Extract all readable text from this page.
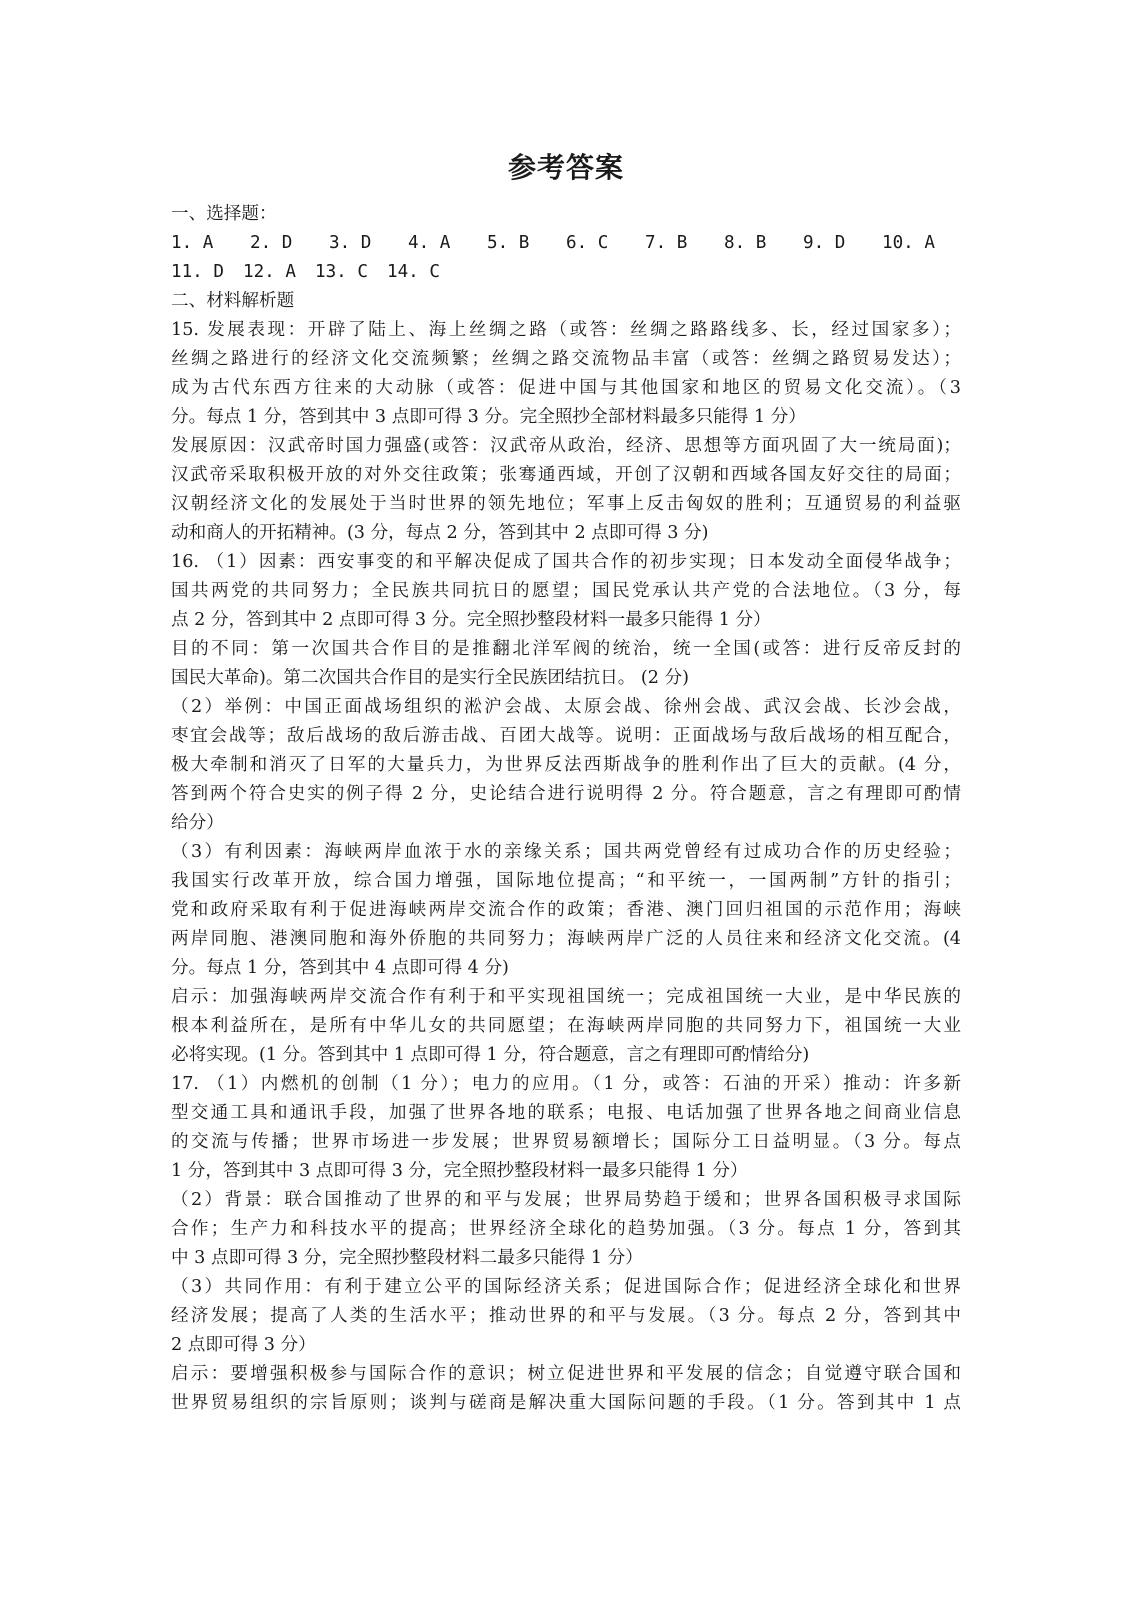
参考答案
一、选择题：
1. A	2. D	3. D	4. A	5. B	6. C	7. B	8. B	9. D	10. A
11. D	12. A	13. C	14. C
二、材料解析题
15. 发展表现：开辟了陆上、海上丝绸之路（或答：丝绸之路路线多、长，经过国家多）；
丝绸之路进行的经济文化交流频繁；丝绸之路交流物品丰富（或答：丝绸之路贸易发达）；
成为古代东西方往来的大动脉（或答：促进中国与其他国家和地区的贸易文化交流）。（3
分。每点 1 分，答到其中 3 点即可得 3 分。完全照抄全部材料最多只能得 1 分）
发展原因：汉武帝时国力强盛(或答：汉武帝从政治，经济、思想等方面巩固了大一统局面)；
汉武帝采取积极开放的对外交往政策；张骞通西域，开创了汉朝和西域各国友好交往的局面；
汉朝经济文化的发展处于当时世界的领先地位；军事上反击匈奴的胜利；互通贸易的利益驱
动和商人的开拓精神。(3 分，每点 2 分，答到其中 2 点即可得 3 分)
16. （1）因素：西安事变的和平解决促成了国共合作的初步实现；日本发动全面侵华战争；
国共两党的共同努力；全民族共同抗日的愿望；国民党承认共产党的合法地位。（3 分，每
点 2 分，答到其中 2 点即可得 3 分。完全照抄整段材料一最多只能得 1 分）
目的不同：第一次国共合作目的是推翻北洋军阀的统治，统一全国(或答：进行反帝反封的
国民大革命)。第二次国共合作目的是实行全民族团结抗日。 (2 分)
（2）举例：中国正面战场组织的淞沪会战、太原会战、徐州会战、武汉会战、长沙会战，
枣宜会战等；敌后战场的敌后游击战、百团大战等。说明：正面战场与敌后战场的相互配合，
极大牵制和消灭了日军的大量兵力，为世界反法西斯战争的胜利作出了巨大的贡献。(4 分，
答到两个符合史实的例子得 2 分，史论结合进行说明得 2 分。符合题意，言之有理即可酌情
给分）
（3）有利因素：海峡两岸血浓于水的亲缘关系；国共两党曾经有过成功合作的历史经验；
我国实行改革开放，综合国力增强，国际地位提高；“和平统一，一国两制”方针的指引；
党和政府采取有利于促进海峡两岸交流合作的政策；香港、澳门回归祖国的示范作用；海峡
两岸同胞、港澳同胞和海外侨胞的共同努力；海峡两岸广泛的人员往来和经济文化交流。(4
分。每点 1 分，答到其中 4 点即可得 4 分)
启示：加强海峡两岸交流合作有利于和平实现祖国统一；完成祖国统一大业，是中华民族的
根本利益所在，是所有中华儿女的共同愿望；在海峡两岸同胞的共同努力下，祖国统一大业
必将实现。(1 分。答到其中 1 点即可得 1 分，符合题意，言之有理即可酌情给分)
17. （1）内燃机的创制（1 分）；电力的应用。（1 分，或答：石油的开采）推动：许多新
型交通工具和通讯手段，加强了世界各地的联系；电报、电话加强了世界各地之间商业信息
的交流与传播；世界市场进一步发展；世界贸易额增长；国际分工日益明显。（3 分。每点
1 分，答到其中 3 点即可得 3 分，完全照抄整段材料一最多只能得 1 分）
（2）背景：联合国推动了世界的和平与发展；世界局势趋于缓和；世界各国积极寻求国际
合作；生产力和科技水平的提高；世界经济全球化的趋势加强。（3 分。每点 1 分，答到其
中 3 点即可得 3 分，完全照抄整段材料二最多只能得 1 分）
（3）共同作用：有利于建立公平的国际经济关系；促进国际合作；促进经济全球化和世界
经济发展；提高了人类的生活水平；推动世界的和平与发展。（3 分。每点 2 分，答到其中
2 点即可得 3 分）
启示：要增强积极参与国际合作的意识；树立促进世界和平发展的信念；自觉遵守联合国和
世界贸易组织的宗旨原则；谈判与磋商是解决重大国际问题的手段。（1 分。答到其中 1 点
